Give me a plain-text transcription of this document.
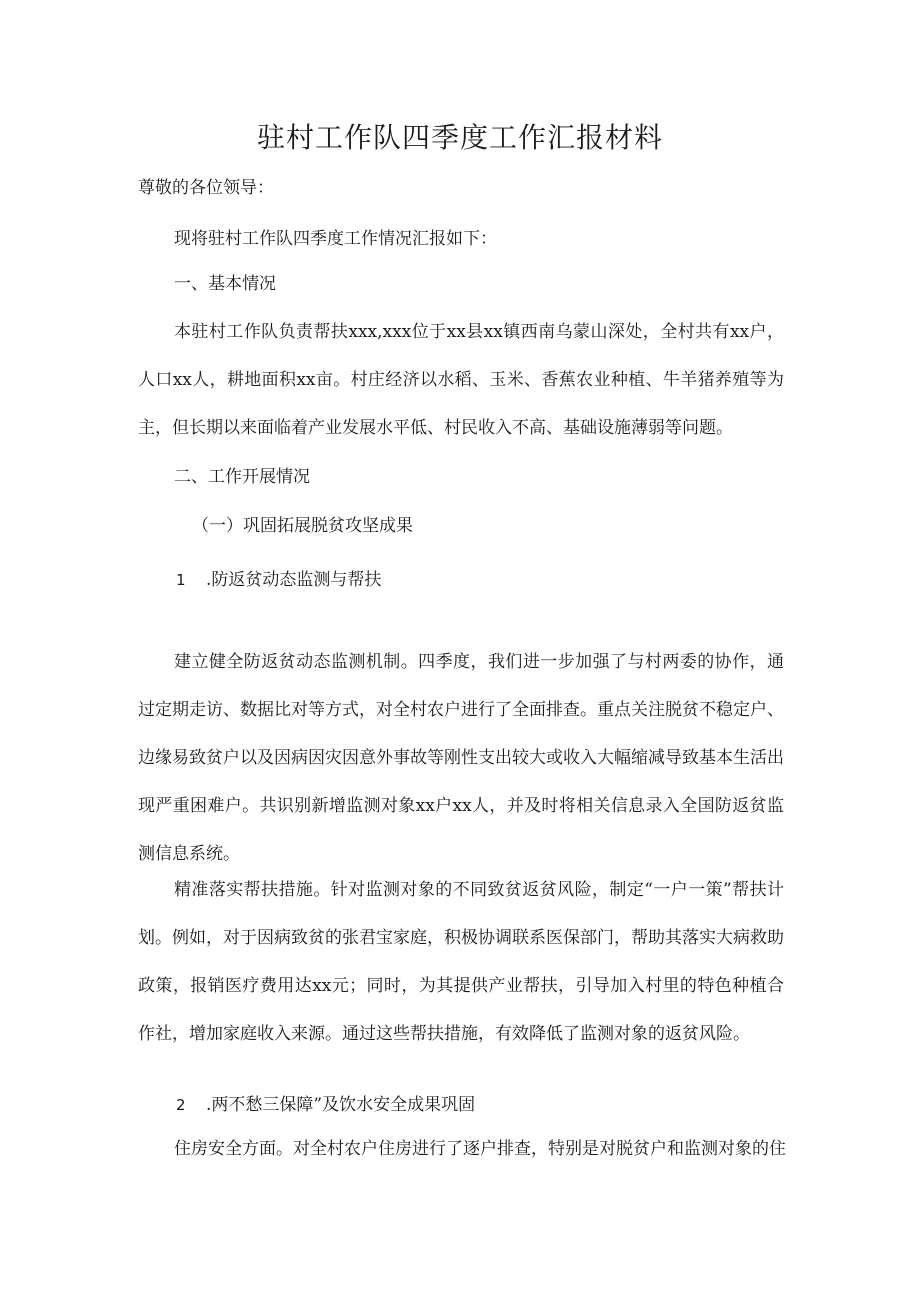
驻村工作队四季度工作汇报材料

尊敬的各位领导：

现将驻村工作队四季度工作情况汇报如下：

一、基本情况

本驻村工作队负责帮扶xxx,xxx位于xx县xx镇西南乌蒙山深处，全村共有xx户，人口xx人，耕地面积xx亩。村庄经济以水稻、玉米、香蕉农业种植、牛羊猪养殖等为主，但长期以来面临着产业发展水平低、村民收入不高、基础设施薄弱等问题。

二、工作开展情况

（一）巩固拓展脱贫攻坚成果

1 .防返贫动态监测与帮扶

建立健全防返贫动态监测机制。四季度，我们进一步加强了与村两委的协作，通过定期走访、数据比对等方式，对全村农户进行了全面排查。重点关注脱贫不稳定户、边缘易致贫户以及因病因灾因意外事故等刚性支出较大或收入大幅缩减导致基本生活出现严重困难户。共识别新增监测对象xx户xx人，并及时将相关信息录入全国防返贫监测信息系统。

精准落实帮扶措施。针对监测对象的不同致贫返贫风险，制定“一户一策”帮扶计划。例如，对于因病致贫的张君宝家庭，积极协调联系医保部门，帮助其落实大病救助政策，报销医疗费用达xx元；同时，为其提供产业帮扶，引导加入村里的特色种植合作社，增加家庭收入来源。通过这些帮扶措施，有效降低了监测对象的返贫风险。

2 .两不愁三保障”及饮水安全成果巩固

住房安全方面。对全村农户住房进行了逐户排查，特别是对脱贫户和监测对象的住
